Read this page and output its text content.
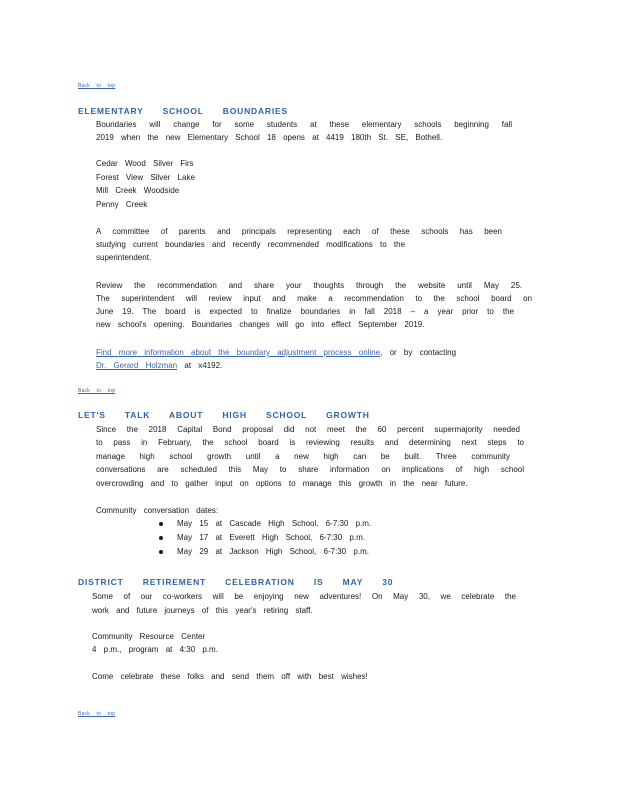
Back to top
ELEMENTARY SCHOOL BOUNDARIES
Boundaries will change for some students at these elementary schools beginning fall
2019 when the new Elementary School 18 opens at 4419 180th St. SE, Bothell.
Cedar Wood Silver Firs
Forest View Silver Lake
Mill Creek Woodside
Penny Creek
A committee of parents and principals representing each of these schools has been
studying current boundaries and recently recommended modifications to the
superintendent.
Review the recommendation and share your thoughts through the website until May 25.
The superintendent will review input and make a recommendation to the school board on
June 19. The board is expected to finalize boundaries in fall 2018 – a year prior to the
new school's opening. Boundaries changes will go into effect September 2019.
Find more information about the boundary adjustment process online, or by contacting
Dr. Gerard Holzman at x4192.
Back to top
LET'S TALK ABOUT HIGH SCHOOL GROWTH
Since the 2018 Capital Bond proposal did not meet the 60 percent supermajority needed
to pass in February, the school board is reviewing results and determining next steps to
manage high school growth until a new high can be built. Three community
conversations are scheduled this May to share information on implications of high school
overcrowding and to gather input on options to manage this growth in the near future.
Community conversation dates:
May 15 at Cascade High School, 6-7:30 p.m.
May 17 at Everett High School, 6-7:30 p.m.
May 29 at Jackson High School, 6-7:30 p.m.
DISTRICT RETIREMENT CELEBRATION IS MAY 30
Some of our co-workers will be enjoying new adventures! On May 30, we celebrate the
work and future journeys of this year's retiring staff.
Community Resource Center
4 p.m., program at 4:30 p.m.
Come celebrate these folks and send them off with best wishes!
Back to top
